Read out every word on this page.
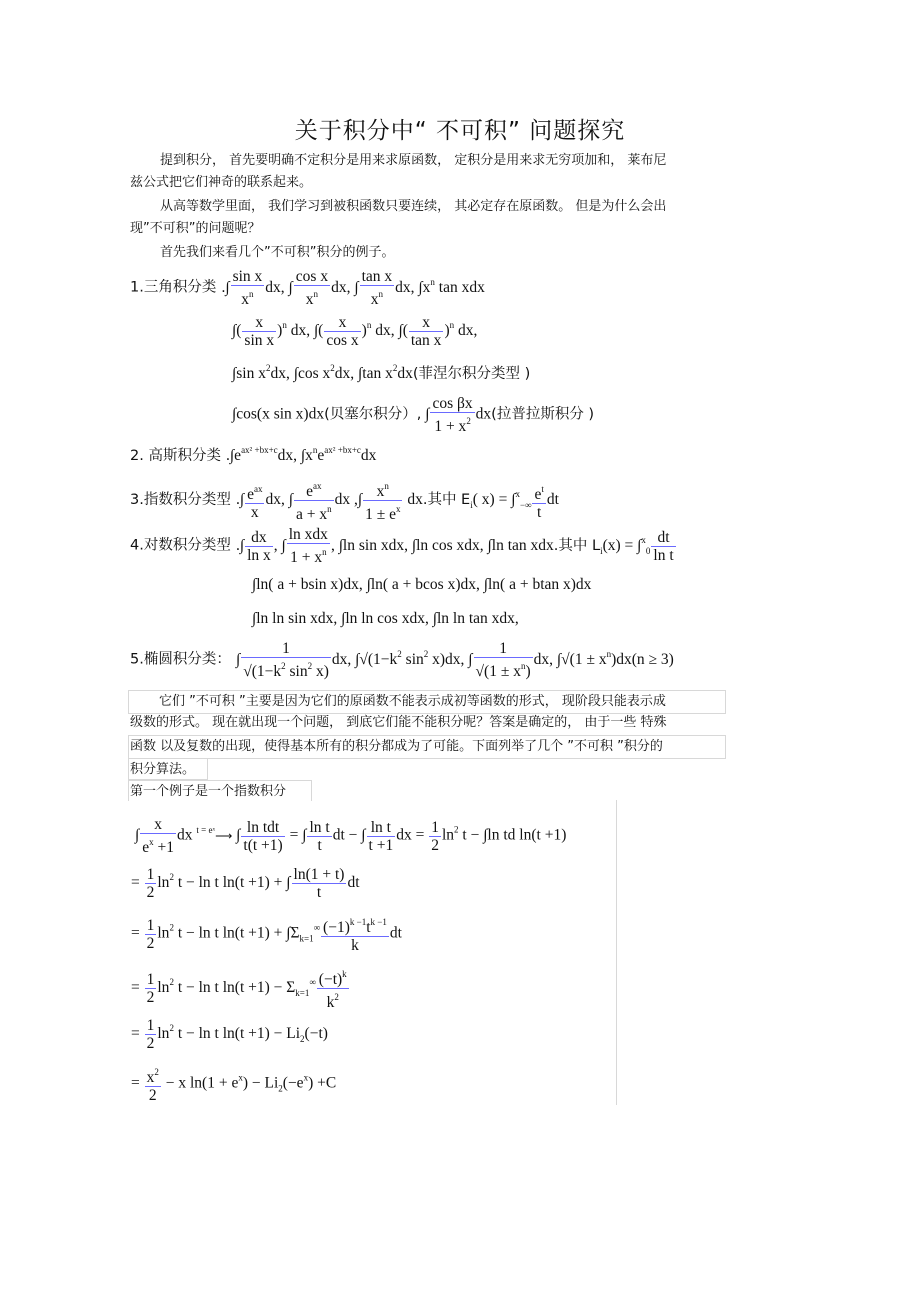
关于积分中“ 不可积” 问题探究
提到积分， 首先要明确不定积分是用来求原函数， 定积分是用来求无穷项加和， 莱布尼
兹公式把它们神奇的联系起来。
从高等数学里面， 我们学习到被积函数只要连续， 其必定存在原函数。 但是为什么会出
现”不可积”的问题呢？
首先我们来看几个”不可积”积分的例子。
1.三角积分类 .∫ $\frac{\text{sin x}}{x^n}$ dx, ∫ $\frac{\text{cos x}}{x^n}$ dx, ∫ $\frac{\text{tan x}}{x^n}$ dx, $\int x^n$ tan xdx
∫( $\frac{x}{\text{sin x}} )^n$ dx, ∫( $\frac{x}{\text{cos x}} )^n$ dx, ∫( $\frac{x}{\text{tan x}} )^n$ dx,
∫sin $x^2dx$, ∫cos $x^2dx$, ∫tan $x^2dx$(菲涅尔积分类型 )
∫cos(x sin x)dx(贝塞尔积分）, ∫ $\frac{\text{cos βx}}{1 + x^2} dx$(拉普拉斯积分 )
2. 高斯积分类 $.\int e^{ax^2 +bx+c}dx$, $\int x^ne^{ax^2 +bx+c}dx$
3.指数积分类型 .∫ $\frac{e^{ax}}{x}$ dx, ∫ $\frac{e^{ax}}{a + x^n}$ dx ,∫ $\frac{x^n}{1 \pm e^x}$ dx.其中 $E_i$( $x) = \int^x_{-\infty} \frac{e^t}{t}$ dt
4.对数积分类型 .∫ $\frac{dx}{\text{ln x}}$ , ∫ $\frac{\text{ln xdx}}{1 + x^n}$ , ∫ln sin xdx, ∫ln cos xdx, ∫ln tan xdx.其中 $L_i(x) = \int^x_0 \frac{dt}{\text{ln t}}$
∫ln( a + bsin x)dx, ∫ln( a + bcos x)dx, ∫ln( a + btan x)dx
∫ln ln sin xdx, ∫ln ln cos xdx, ∫ln ln tan xdx,
5.椭圆积分类： ∫ $\frac{1}{√(1-k^2 \sin^2 x)}$ dx, $\int√(1-k^2$ $\sin^2 x)dx$, ∫ $\frac{1}{√(1 \pm x^n)}$ dx, $\int√(1 \pm x^n)dx(n \ge 3)$
它们 ”不可积 ”主要是因为它们的原函数不能表示成初等函数的形式， 现阶段只能表示成
级数的形式。 现在就出现一个问题， 到底它们能不能积分呢？答案是确定的， 由于一些 特殊
函数 以及复数的出现，使得基本所有的积分都成为了可能。下面列举了几个 ”不可积 ”积分的
积分算法。
第一个例子是一个指数积分
∫ $\frac{x}{e^x +1}$ dx $^{t = eˣ}$⟶ ∫ $\frac{\text{ln tdt}}{t(t +1)}$ = ∫ $\frac{\text{ln t}}{t}$ dt − ∫ $\frac{\text{ln t}}{t +1}$ dx = $\frac{1}{2} \ln^2 t - \int\ln$ td ln(t +1)
= $\frac{1}{2} \ln^2 t - \ln t$ ln(t +1) + ∫ $\frac{\ln(1 + t)}{t}$ dt
= $\frac{1}{2} \ln^2 t - \ln t$ $\ln(t +1) + \int\Sigma_{k=1}^\infty \frac{(-1)^{k -1}t^{k -1}}{k}$ dt
= $\frac{1}{2} \ln^2 t - \ln t$ $\ln(t +1) - \Sigma_{k=1}^\infty \frac{(-t)^k}{k^2}$
= $\frac{1}{2} \ln^2 t - \ln t$ $\ln(t +1) - Li_2(-t)$
= $\frac{x^2}{2} - x$ $\ln(1 + e^x) - Li_2(-e^x) +C$
